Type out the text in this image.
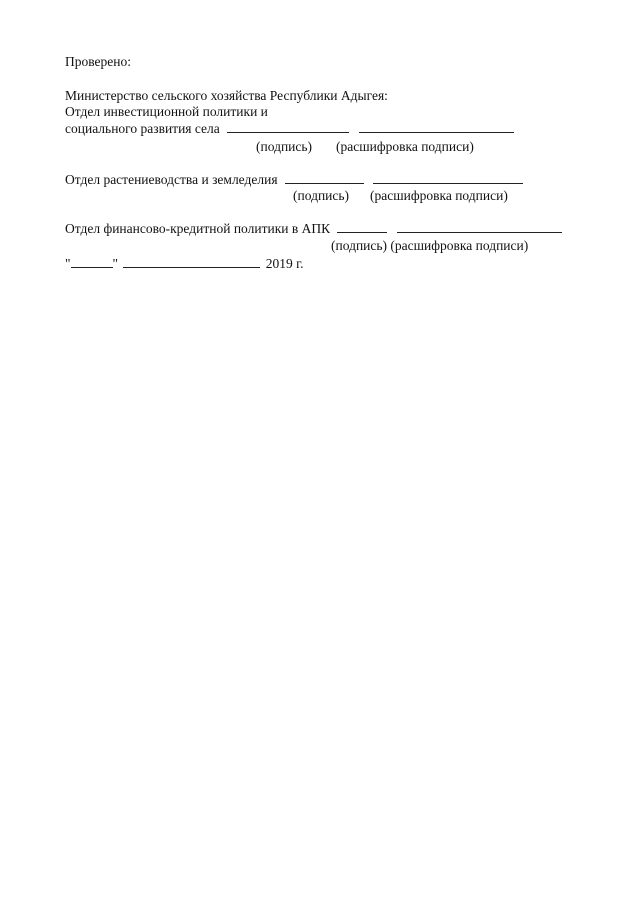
Проверено:
Министерство сельского хозяйства Республики Адыгея:
Отдел инвестиционной политики и
социального развития села
(подпись) (расшифровка подписи)
Отдел растениеводства и земледелия
(подпись) (расшифровка подписи)
Отдел финансово-кредитной политики в АПК
(подпись) (расшифровка подписи)
"	"	2019 г.
